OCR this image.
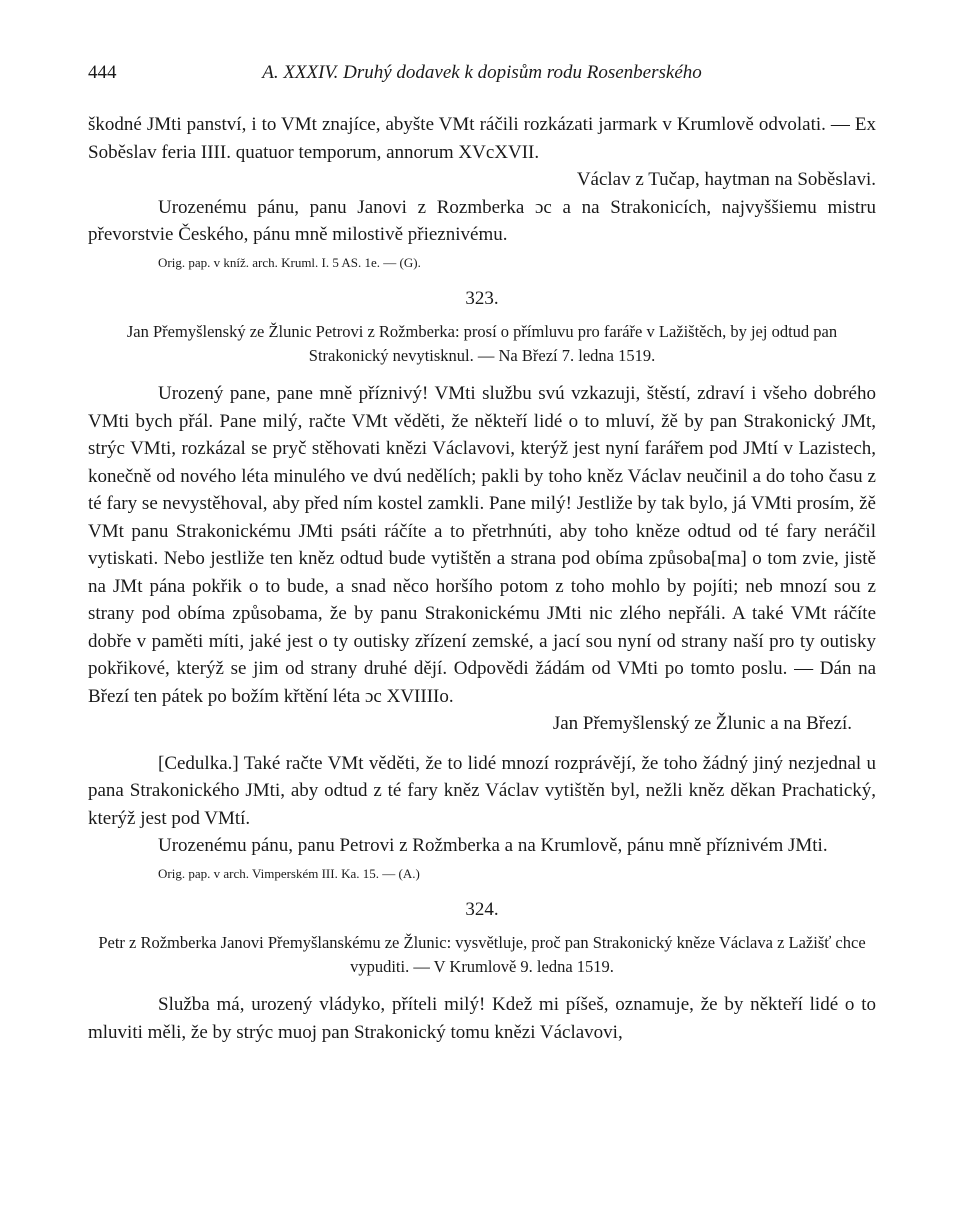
444	A. XXXIV. Druhý dodavek k dopisům rodu Rosenberského

škodné JMti panství, i to VMt znajíce, abyšte VMt ráčili rozkázati jarmark v Krumlově odvolati. — Ex Soběslav feria IIII. quatuor temporum, annorum XVcXVII.

Václav z Tučap, haytman na Soběslavi.

Urozenému pánu, panu Janovi z Rozmberka ɔc a na Strakonicích, najvyššiemu mistru převorstvie Českého, pánu mně milostivě přieznivému.

Orig. pap. v kníž. arch. Kruml. I. 5 AS. 1e. — (G).

323.

Jan Přemyšlenský ze Žlunic Petrovi z Rožmberka: prosí o přímluvu pro faráře v Lažištěch, by jej odtud pan Strakonický nevytisknul. — Na Březí 7. ledna 1519.

Urozený pane, pane mně příznivý! VMti službu svú vzkazuji, štěstí, zdraví i všeho dobrého VMti bych přál. Pane milý, račte VMt věděti, že někteří lidé o to mluví, žě by pan Strakonický JMt, strýc VMti, rozkázal se pryč stěhovati knězi Václavovi, kterýž jest nyní farářem pod JMtí v Lazistech, konečně od nového léta minulého ve dvú nedělích; pakli by toho kněz Václav neučinil a do toho času z té fary se nevystěhoval, aby před ním kostel zamkli. Pane milý! Jestliže by tak bylo, já VMti prosím, žě VMt panu Strakonickému JMti psáti ráčíte a to přetrhnúti, aby toho kněze odtud od té fary neráčil vytiskati. Nebo jestliže ten kněz odtud bude vytištěn a strana pod obíma způsoba[ma] o tom zvie, jistě na JMt pána pokřik o to bude, a snad něco horšího potom z toho mohlo by pojíti; neb mnozí sou z strany pod obíma způsobama, že by panu Strakonickému JMti nic zlého nepřáli. A také VMt ráčíte dobře v paměti míti, jaké jest o ty outisky zřízení zemské, a jací sou nyní od strany naší pro ty outisky pokřikové, kterýž se jim od strany druhé dějí. Odpovědi žádám od VMti po tomto poslu. — Dán na Březí ten pátek po božím křtění léta ɔc XVIIIIo.

Jan Přemyšlenský ze Žlunic a na Březí.

[Cedulka.] Také račte VMt věděti, že to lidé mnozí rozprávějí, že toho žádný jiný nezjednal u pana Strakonického JMti, aby odtud z té fary kněz Václav vytištěn byl, nežli kněz děkan Prachatický, kterýž jest pod VMtí.

Urozenému pánu, panu Petrovi z Rožmberka a na Krumlově, pánu mně příznivém JMti.

Orig. pap. v arch. Vimperském III. Ka. 15. — (A.)

324.

Petr z Rožmberka Janovi Přemyšlanskému ze Žlunic: vysvětluje, proč pan Strakonický kněze Václava z Lažišť chce vypuditi. — V Krumlově 9. ledna 1519.

Služba má, urozený vládyko, příteli milý! Kdež mi píšeš, oznamuje, že by někteří lidé o to mluviti měli, že by strýc muoj pan Strakonický tomu knězi Václavovi,
